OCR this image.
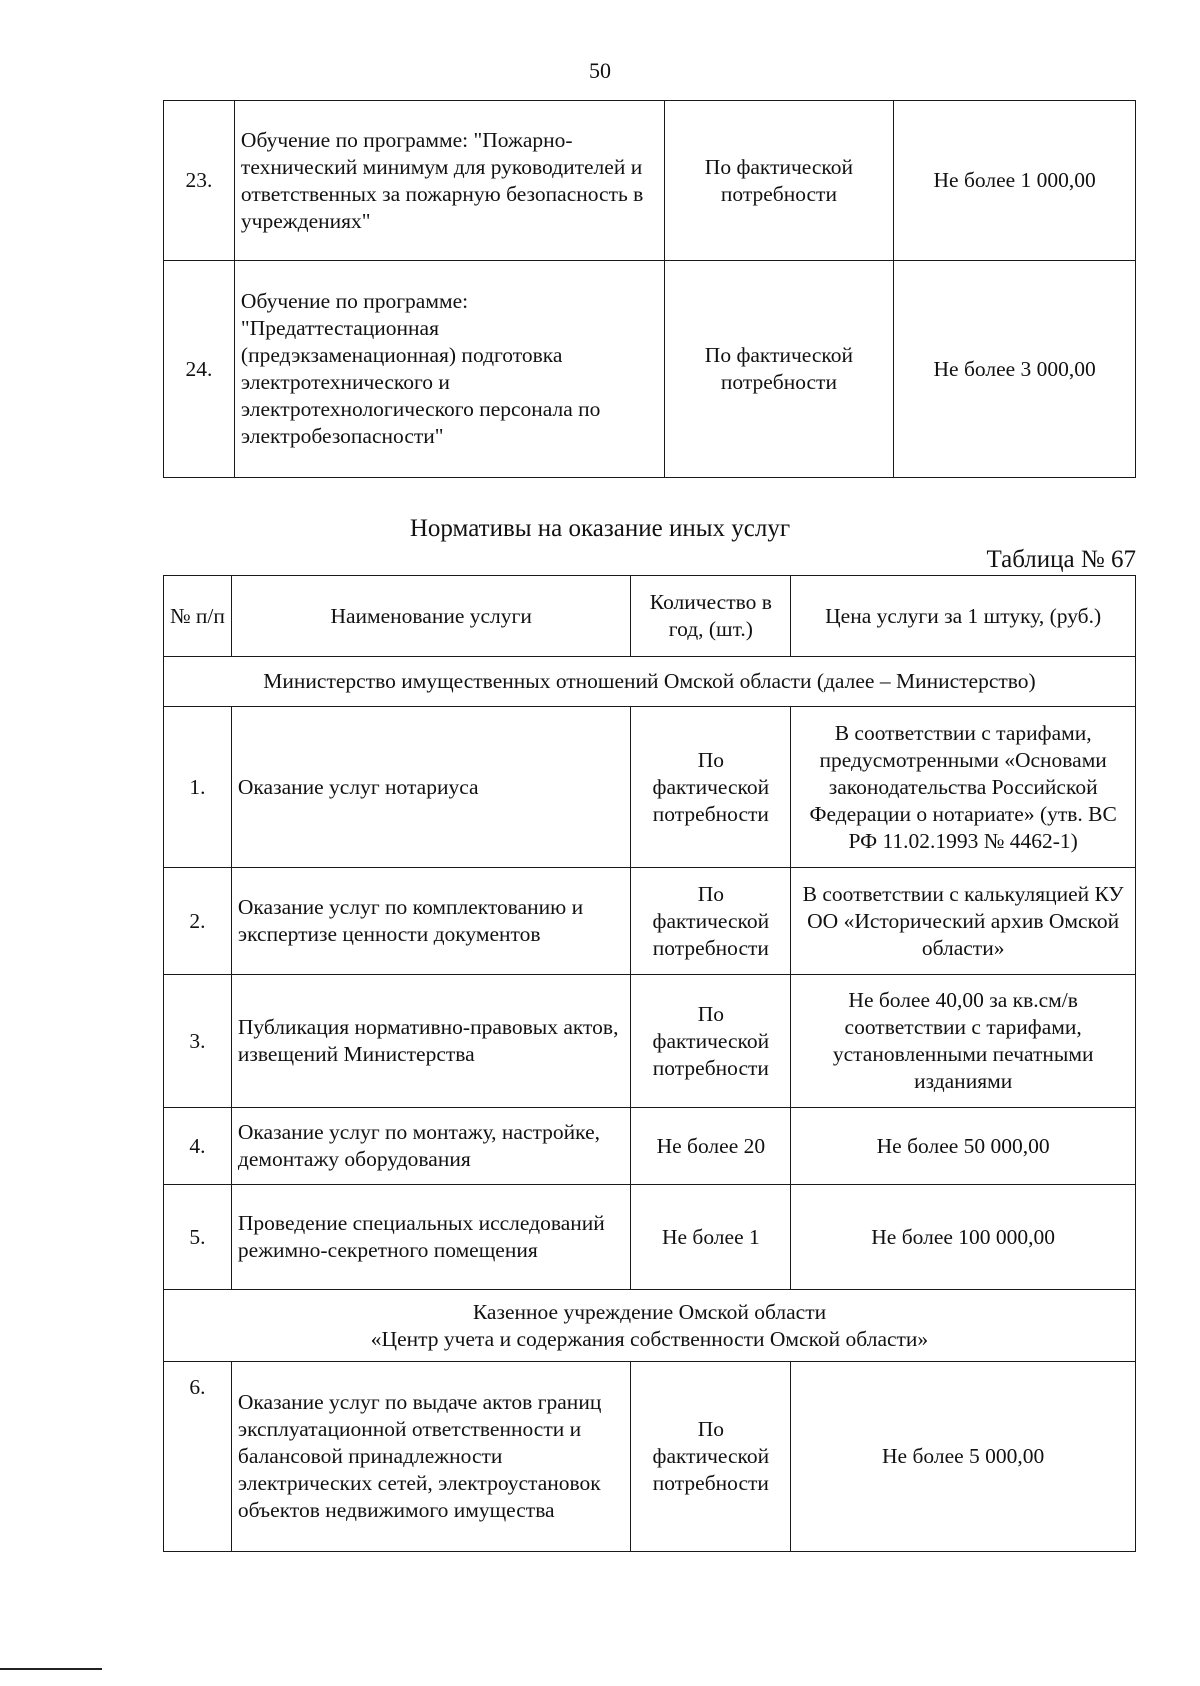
50
23.	Обучение по программе: "Пожарно-технический минимум для руководителей и ответственных за пожарную безопасность в учреждениях"	По фактической потребности	Не более 1 000,00
24.	Обучение по программе: "Предаттестационная (предэкзаменационная) подготовка электротехнического и электротехнологического персонала по электробезопасности"	По фактической потребности	Не более 3 000,00
Нормативы на оказание иных услуг
Таблица № 67
№ п/п	Наименование услуги	Количество в год, (шт.)	Цена услуги за 1 штуку, (руб.)
Министерство имущественных отношений Омской области (далее – Министерство)			
1.	Оказание услуг нотариуса	По фактической потребности	В соответствии с тарифами, предусмотренными «Основами законодательства Российской Федерации о нотариате» (утв. ВС РФ 11.02.1993 № 4462-1)
2.	Оказание услуг по комплектованию и экспертизе ценности документов	По фактической потребности	В соответствии с калькуляцией КУ ОО «Исторический архив Омской области»
3.	Публикация нормативно-правовых актов, извещений Министерства	По фактической потребности	Не более 40,00 за кв.см/в соответствии с тарифами, установленными печатными изданиями
4.	Оказание услуг по монтажу, настройке, демонтажу оборудования	Не более 20	Не более 50 000,00
5.	Проведение специальных исследований режимно-секретного помещения	Не более 1	Не более 100 000,00

Казенное учреждение Омской области
«Центр учета и содержания собственности Омской области»			

6.	Оказание услуг по выдаче актов границ эксплуатационной ответственности и балансовой принадлежности электрических сетей, электроустановок объектов недвижимого имущества	По фактической потребности	Не более 5 000,00
